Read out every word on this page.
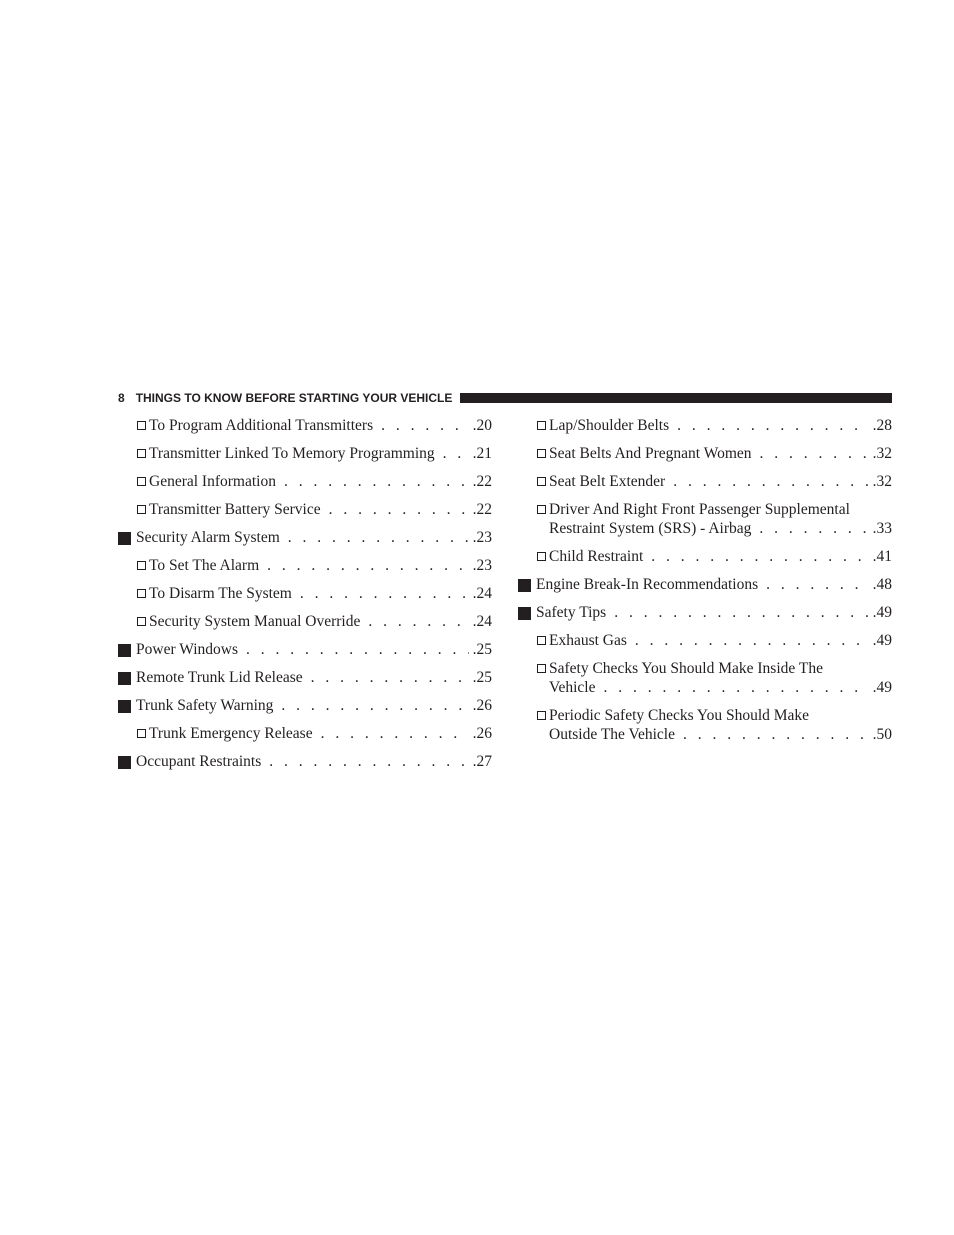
8 THINGS TO KNOW BEFORE STARTING YOUR VEHICLE
To Program Additional Transmitters . . .	.20
Transmitter Linked To Memory Programming . . . .21
General Information . . .	.22
Transmitter Battery Service . . .	.22
Security Alarm System . . .	.23
To Set The Alarm . . .	.23
To Disarm The System . . .	.24
Security System Manual Override . . .	.24
Power Windows . . .	.25
Remote Trunk Lid Release . . .	.25
Trunk Safety Warning . . .	.26
Trunk Emergency Release . . .	.26
Occupant Restraints . . .	.27
Lap/Shoulder Belts . . .	.28
Seat Belts And Pregnant Women . . .	.32
Seat Belt Extender . . .	.32
Driver And Right Front Passenger Supplemental
Restraint System (SRS) - Airbag . . .	.33
Child Restraint . . .	.41
Engine Break-In Recommendations . . .	.48
Safety Tips . . .	.49
Exhaust Gas . . .	.49
Safety Checks You Should Make Inside The
Vehicle . . .	.49
Periodic Safety Checks You Should Make
Outside The Vehicle . . .	.50
